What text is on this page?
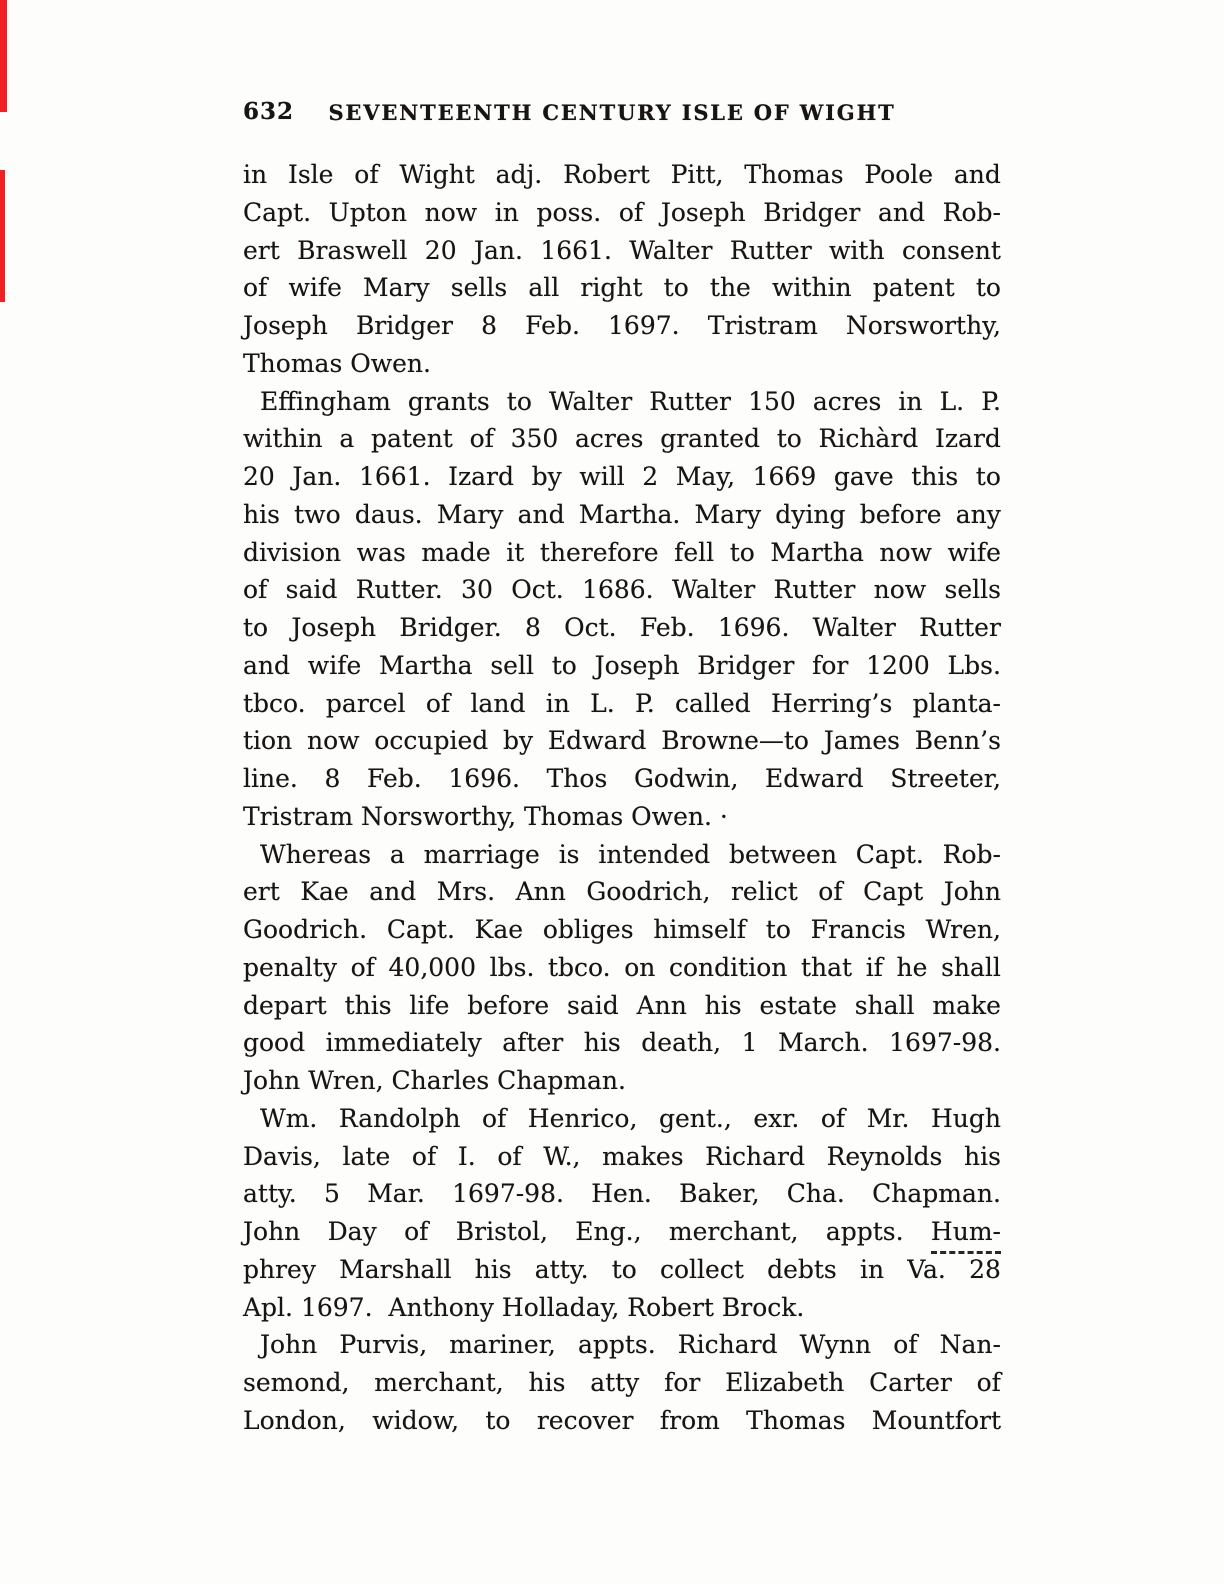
632	SEVENTEENTH CENTURY ISLE OF WIGHT
in Isle of Wight adj. Robert Pitt, Thomas Poole and
Capt. Upton now in poss. of Joseph Bridger and Rob-
ert Braswell 20 Jan. 1661. Walter Rutter with consent
of wife Mary sells all right to the within patent to
Joseph Bridger 8 Feb. 1697. Tristram Norsworthy,
Thomas Owen.
Effingham grants to Walter Rutter 150 acres in L. P.
within a patent of 350 acres granted to Richàrd Izard
20 Jan. 1661. Izard by will 2 May, 1669 gave this to
his two daus. Mary and Martha. Mary dying before any
division was made it therefore fell to Martha now wife
of said Rutter. 30 Oct. 1686. Walter Rutter now sells
to Joseph Bridger. 8 Oct. Feb. 1696. Walter Rutter
and wife Martha sell to Joseph Bridger for 1200 Lbs.
tbco. parcel of land in L. P. called Herring’s planta-
tion now occupied by Edward Browne—to James Benn’s
line. 8 Feb. 1696. Thos Godwin, Edward Streeter,
Tristram Norsworthy, Thomas Owen. ·
Whereas a marriage is intended between Capt. Rob-
ert Kae and Mrs. Ann Goodrich, relict of Capt John
Goodrich. Capt. Kae obliges himself to Francis Wren,
penalty of 40,000 lbs. tbco. on condition that if he shall
depart this life before said Ann his estate shall make
good immediately after his death, 1 March. 1697-98.
John Wren, Charles Chapman.
Wm. Randolph of Henrico, gent., exr. of Mr. Hugh
Davis, late of I. of W., makes Richard Reynolds his
atty. 5 Mar. 1697-98. Hen. Baker, Cha. Chapman.
John Day of Bristol, Eng., merchant, appts. Hum-
phrey Marshall his atty. to collect debts in Va. 28
Apl. 1697.  Anthony Holladay, Robert Brock.
John Purvis, mariner, appts. Richard Wynn of Nan-
semond, merchant, his atty for Elizabeth Carter of
London, widow, to recover from Thomas Mountfort
